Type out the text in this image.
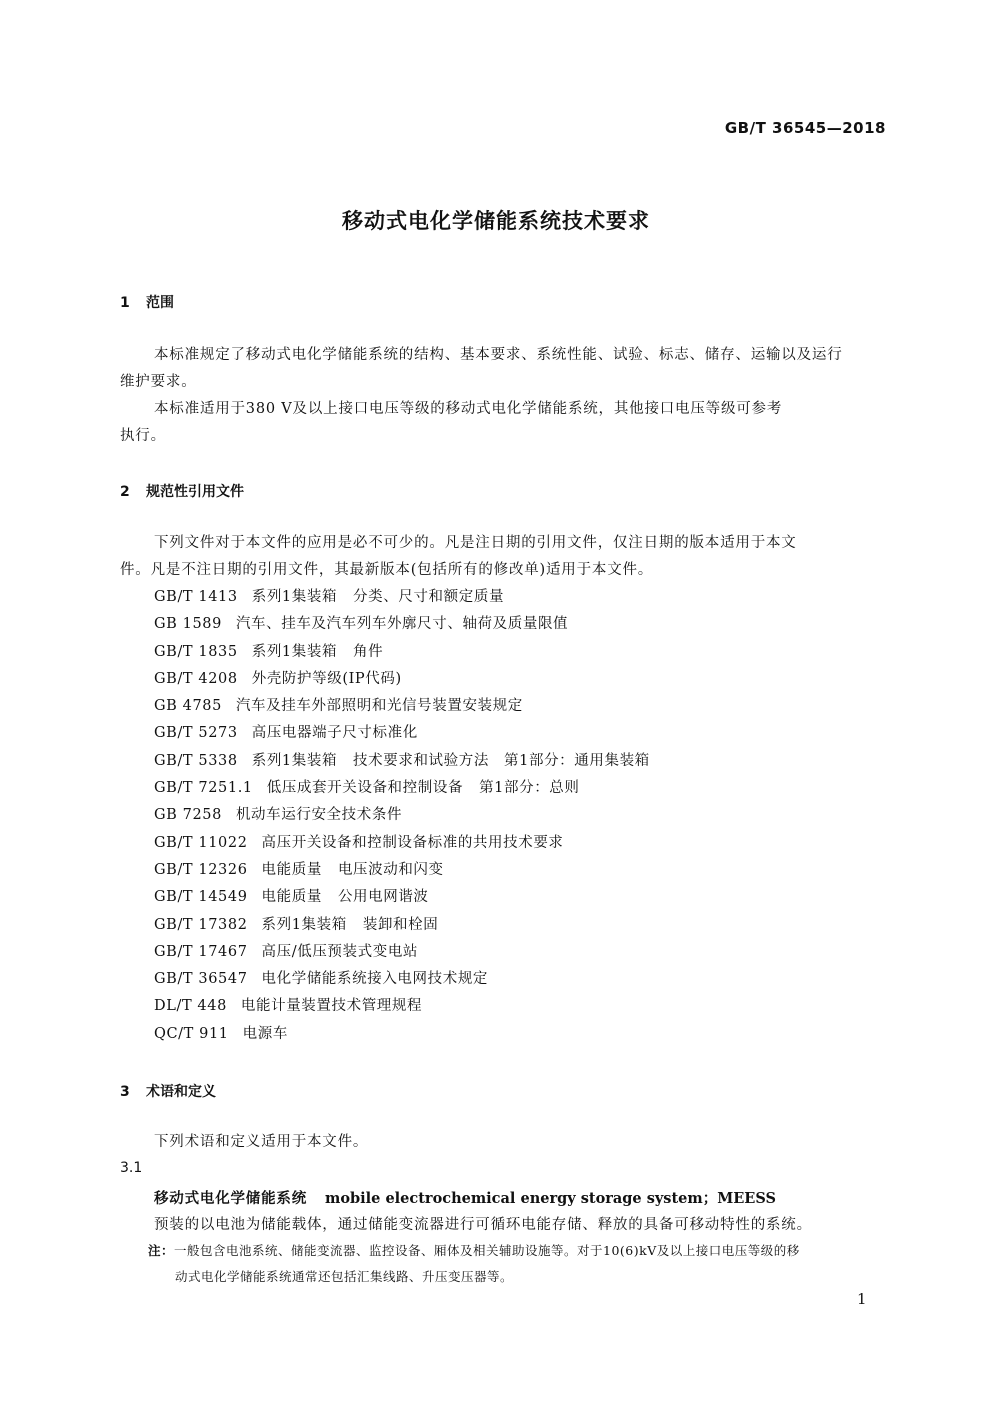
GB/T 36545—2018
移动式电化学储能系统技术要求
1 范围
本标准规定了移动式电化学储能系统的结构、基本要求、系统性能、试验、标志、储存、运输以及运行
维护要求。
本标准适用于380 V及以上接口电压等级的移动式电化学储能系统，其他接口电压等级可参考
执行。
2 规范性引用文件
下列文件对于本文件的应用是必不可少的。凡是注日期的引用文件，仅注日期的版本适用于本文
件。凡是不注日期的引用文件，其最新版本(包括所有的修改单)适用于本文件。
GB/T 1413 系列1集装箱 分类、尺寸和额定质量
GB 1589 汽车、挂车及汽车列车外廓尺寸、轴荷及质量限值
GB/T 1835 系列1集装箱 角件
GB/T 4208 外壳防护等级(IP代码)
GB 4785 汽车及挂车外部照明和光信号装置安装规定
GB/T 5273 高压电器端子尺寸标准化
GB/T 5338 系列1集装箱 技术要求和试验方法　第1部分：通用集装箱
GB/T 7251.1 低压成套开关设备和控制设备 第1部分：总则
GB 7258 机动车运行安全技术条件
GB/T 11022 高压开关设备和控制设备标准的共用技术要求
GB/T 12326 电能质量 电压波动和闪变
GB/T 14549 电能质量 公用电网谐波
GB/T 17382 系列1集装箱 装卸和栓固
GB/T 17467 高压/低压预装式变电站
GB/T 36547 电化学储能系统接入电网技术规定
DL/T 448 电能计量装置技术管理规程
QC/T 911 电源车
3 术语和定义
下列术语和定义适用于本文件。
3.1
移动式电化学储能系统 mobile electrochemical energy storage system；MEESS
预装的以电池为储能载体，通过储能变流器进行可循环电能存储、释放的具备可移动特性的系统。
注：一般包含电池系统、储能变流器、监控设备、厢体及相关辅助设施等。对于10(6)kV及以上接口电压等级的移
动式电化学储能系统通常还包括汇集线路、升压变压器等。
1
